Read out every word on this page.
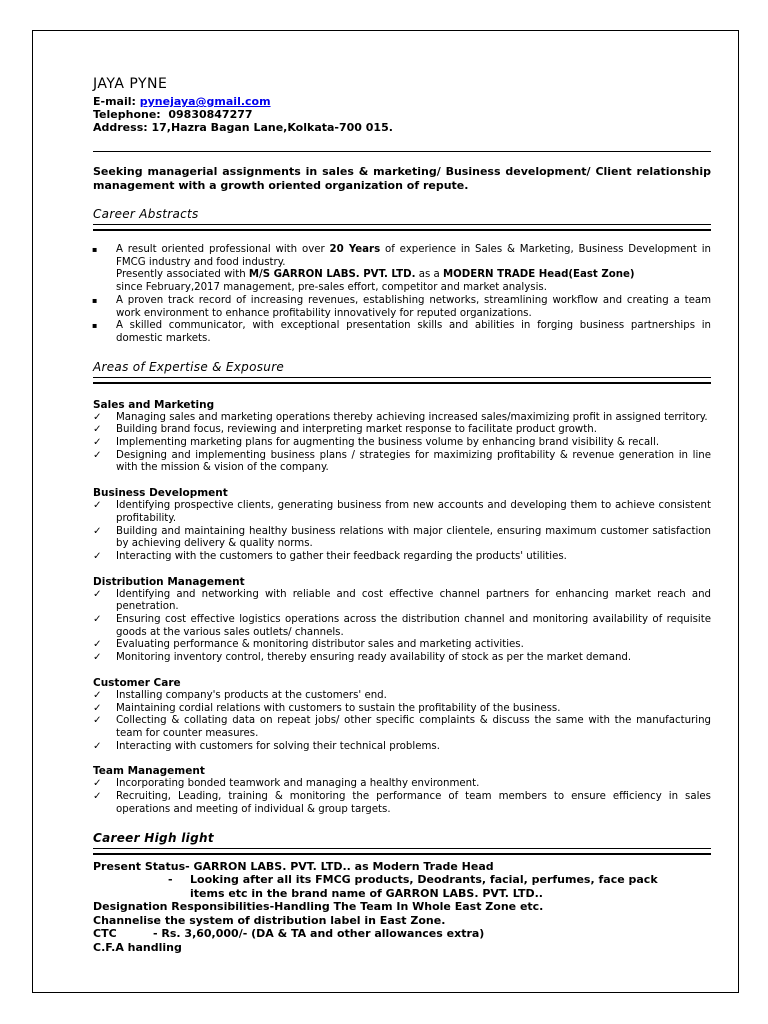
JAYA PYNE
E-mail: pynejaya@gmail.com
Telephone: 09830847277
Address: 17,Hazra Bagan Lane,Kolkata-700 015.
Seeking managerial assignments in sales & marketing/ Business development/ Client relationship management with a growth oriented organization of repute.
Career Abstracts
▪ A result oriented professional with over 20 Years of experience in Sales & Marketing, Business Development in FMCG industry and food industry.
Presently associated with M/S GARRON LABS. PVT. LTD. as a MODERN TRADE Head(East Zone)
since February,2017 management, pre-sales effort, competitor and market analysis.
▪ A proven track record of increasing revenues, establishing networks, streamlining workflow and creating a team work environment to enhance profitability innovatively for reputed organizations.
▪ A skilled communicator, with exceptional presentation skills and abilities in forging business partnerships in domestic markets.
Areas of Expertise & Exposure
Sales and Marketing
✓ Managing sales and marketing operations thereby achieving increased sales/maximizing profit in assigned territory.
✓ Building brand focus, reviewing and interpreting market response to facilitate product growth.
✓ Implementing marketing plans for augmenting the business volume by enhancing brand visibility & recall.
✓ Designing and implementing business plans / strategies for maximizing profitability & revenue generation in line with the mission & vision of the company.
Business Development
✓ Identifying prospective clients, generating business from new accounts and developing them to achieve consistent profitability.
✓ Building and maintaining healthy business relations with major clientele, ensuring maximum customer satisfaction by achieving delivery & quality norms.
✓ Interacting with the customers to gather their feedback regarding the products' utilities.
Distribution Management
✓ Identifying and networking with reliable and cost effective channel partners for enhancing market reach and penetration.
✓ Ensuring cost effective logistics operations across the distribution channel and monitoring availability of requisite goods at the various sales outlets/ channels.
✓ Evaluating performance & monitoring distributor sales and marketing activities.
✓ Monitoring inventory control, thereby ensuring ready availability of stock as per the market demand.
Customer Care
✓ Installing company's products at the customers' end.
✓ Maintaining cordial relations with customers to sustain the profitability of the business.
✓ Collecting & collating data on repeat jobs/ other specific complaints & discuss the same with the manufacturing team for counter measures.
✓ Interacting with customers for solving their technical problems.
Team Management
✓ Incorporating bonded teamwork and managing a healthy environment.
✓ Recruiting, Leading, training & monitoring the performance of team members to ensure efficiency in sales operations and meeting of individual & group targets.
Career High light
Present Status- GARRON LABS. PVT. LTD.. as Modern Trade Head
- Looking after all its FMCG products, Deodrants, facial, perfumes, face pack
items etc in the brand name of GARRON LABS. PVT. LTD..
Designation Responsibilities-Handling The Team In Whole East Zone etc.
Channelise the system of distribution label in East Zone.
CTC	- Rs. 3,60,000/- (DA & TA and other allowances extra)
C.F.A handling
